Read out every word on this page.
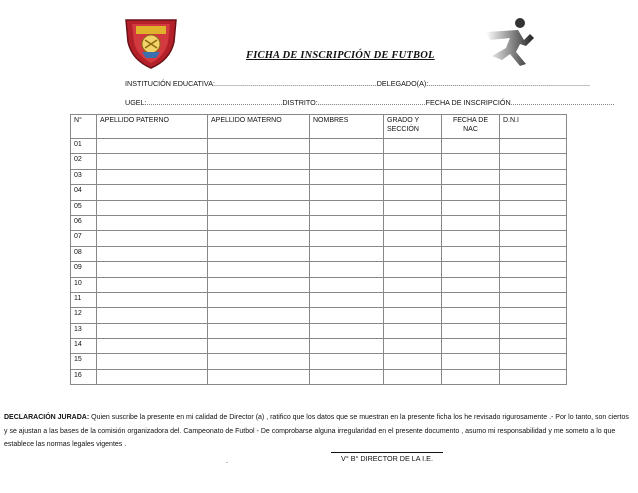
FICHA DE INSCRIPCIÓN DE FUTBOL
INSTITUCIÓN EDUCATIVA:.................................................................................DELEGADO(A):.................................................................................
UGEL:....................................................................DISTRITO:......................................................FECHA DE INSCRIPCIÓN....................................................
N°	APELLIDO PATERNO	APELLIDO MATERNO	NOMBRES	GRADO Y SECCIÓN	FECHA DE NAC	D.N.I
01						
02						
03						
04						
05						
06						
07						
08						
09						
10						
11						
12						
13						
14						
15						
16						
DECLARACIÓN JURADA: Quien suscribe la presente en mi calidad de Director (a) , ratifico que los datos que se muestran en la presente ficha los he revisado rigurosamente .- Por lo tanto, son ciertos y se ajustan a las bases de la comisión organizadora del. Campeonato de Futbol - De comprobarse alguna irregularidad en el presente documento , asumo mi responsabilidad y me someto a lo que establece las normas legales vigentes .
.	V° B° DIRECTOR DE LA I.E.
